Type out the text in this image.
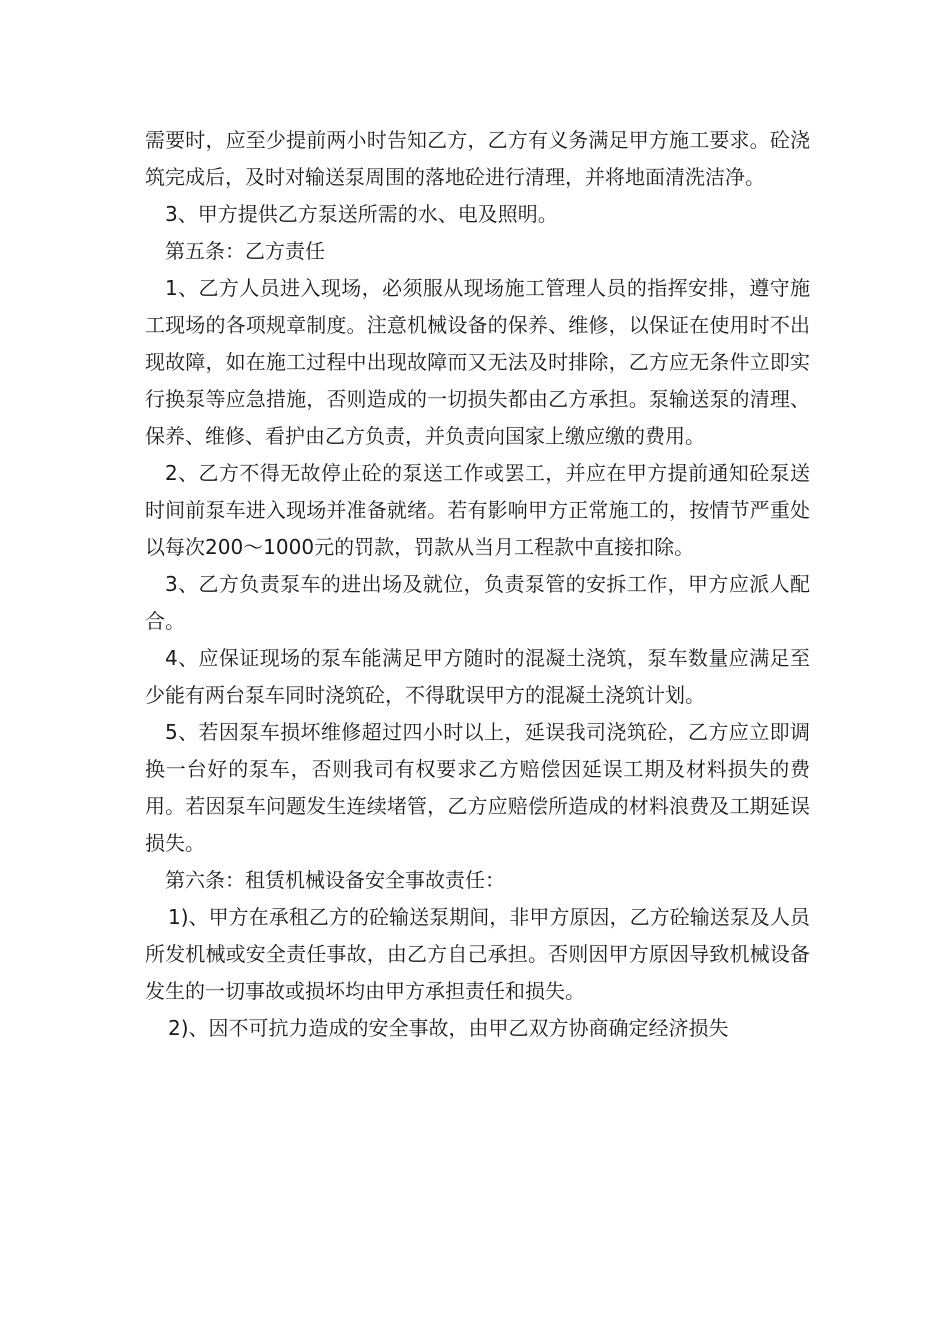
需要时，应至少提前两小时告知乙方，乙方有义务满足甲方施工要求。砼浇筑完成后，及时对输送泵周围的落地砼进行清理，并将地面清洗洁净。

3、甲方提供乙方泵送所需的水、电及照明。

第五条：乙方责任

1、乙方人员进入现场，必须服从现场施工管理人员的指挥安排，遵守施工现场的各项规章制度。注意机械设备的保养、维修，以保证在使用时不出现故障，如在施工过程中出现故障而又无法及时排除，乙方应无条件立即实行换泵等应急措施，否则造成的一切损失都由乙方承担。泵输送泵的清理、保养、维修、看护由乙方负责，并负责向国家上缴应缴的费用。

2、乙方不得无故停止砼的泵送工作或罢工，并应在甲方提前通知砼泵送时间前泵车进入现场并准备就绪。若有影响甲方正常施工的，按情节严重处以每次200～1000元的罚款，罚款从当月工程款中直接扣除。

3、乙方负责泵车的进出场及就位，负责泵管的安拆工作，甲方应派人配合。

4、应保证现场的泵车能满足甲方随时的混凝土浇筑，泵车数量应满足至少能有两台泵车同时浇筑砼，不得耽误甲方的混凝土浇筑计划。

5、若因泵车损坏维修超过四小时以上，延误我司浇筑砼，乙方应立即调换一台好的泵车，否则我司有权要求乙方赔偿因延误工期及材料损失的费用。若因泵车问题发生连续堵管，乙方应赔偿所造成的材料浪费及工期延误损失。

第六条：租赁机械设备安全事故责任：

1)、甲方在承租乙方的砼输送泵期间，非甲方原因，乙方砼输送泵及人员所发机械或安全责任事故，由乙方自己承担。否则因甲方原因导致机械设备发生的一切事故或损坏均由甲方承担责任和损失。

2)、因不可抗力造成的安全事故，由甲乙双方协商确定经济损失
